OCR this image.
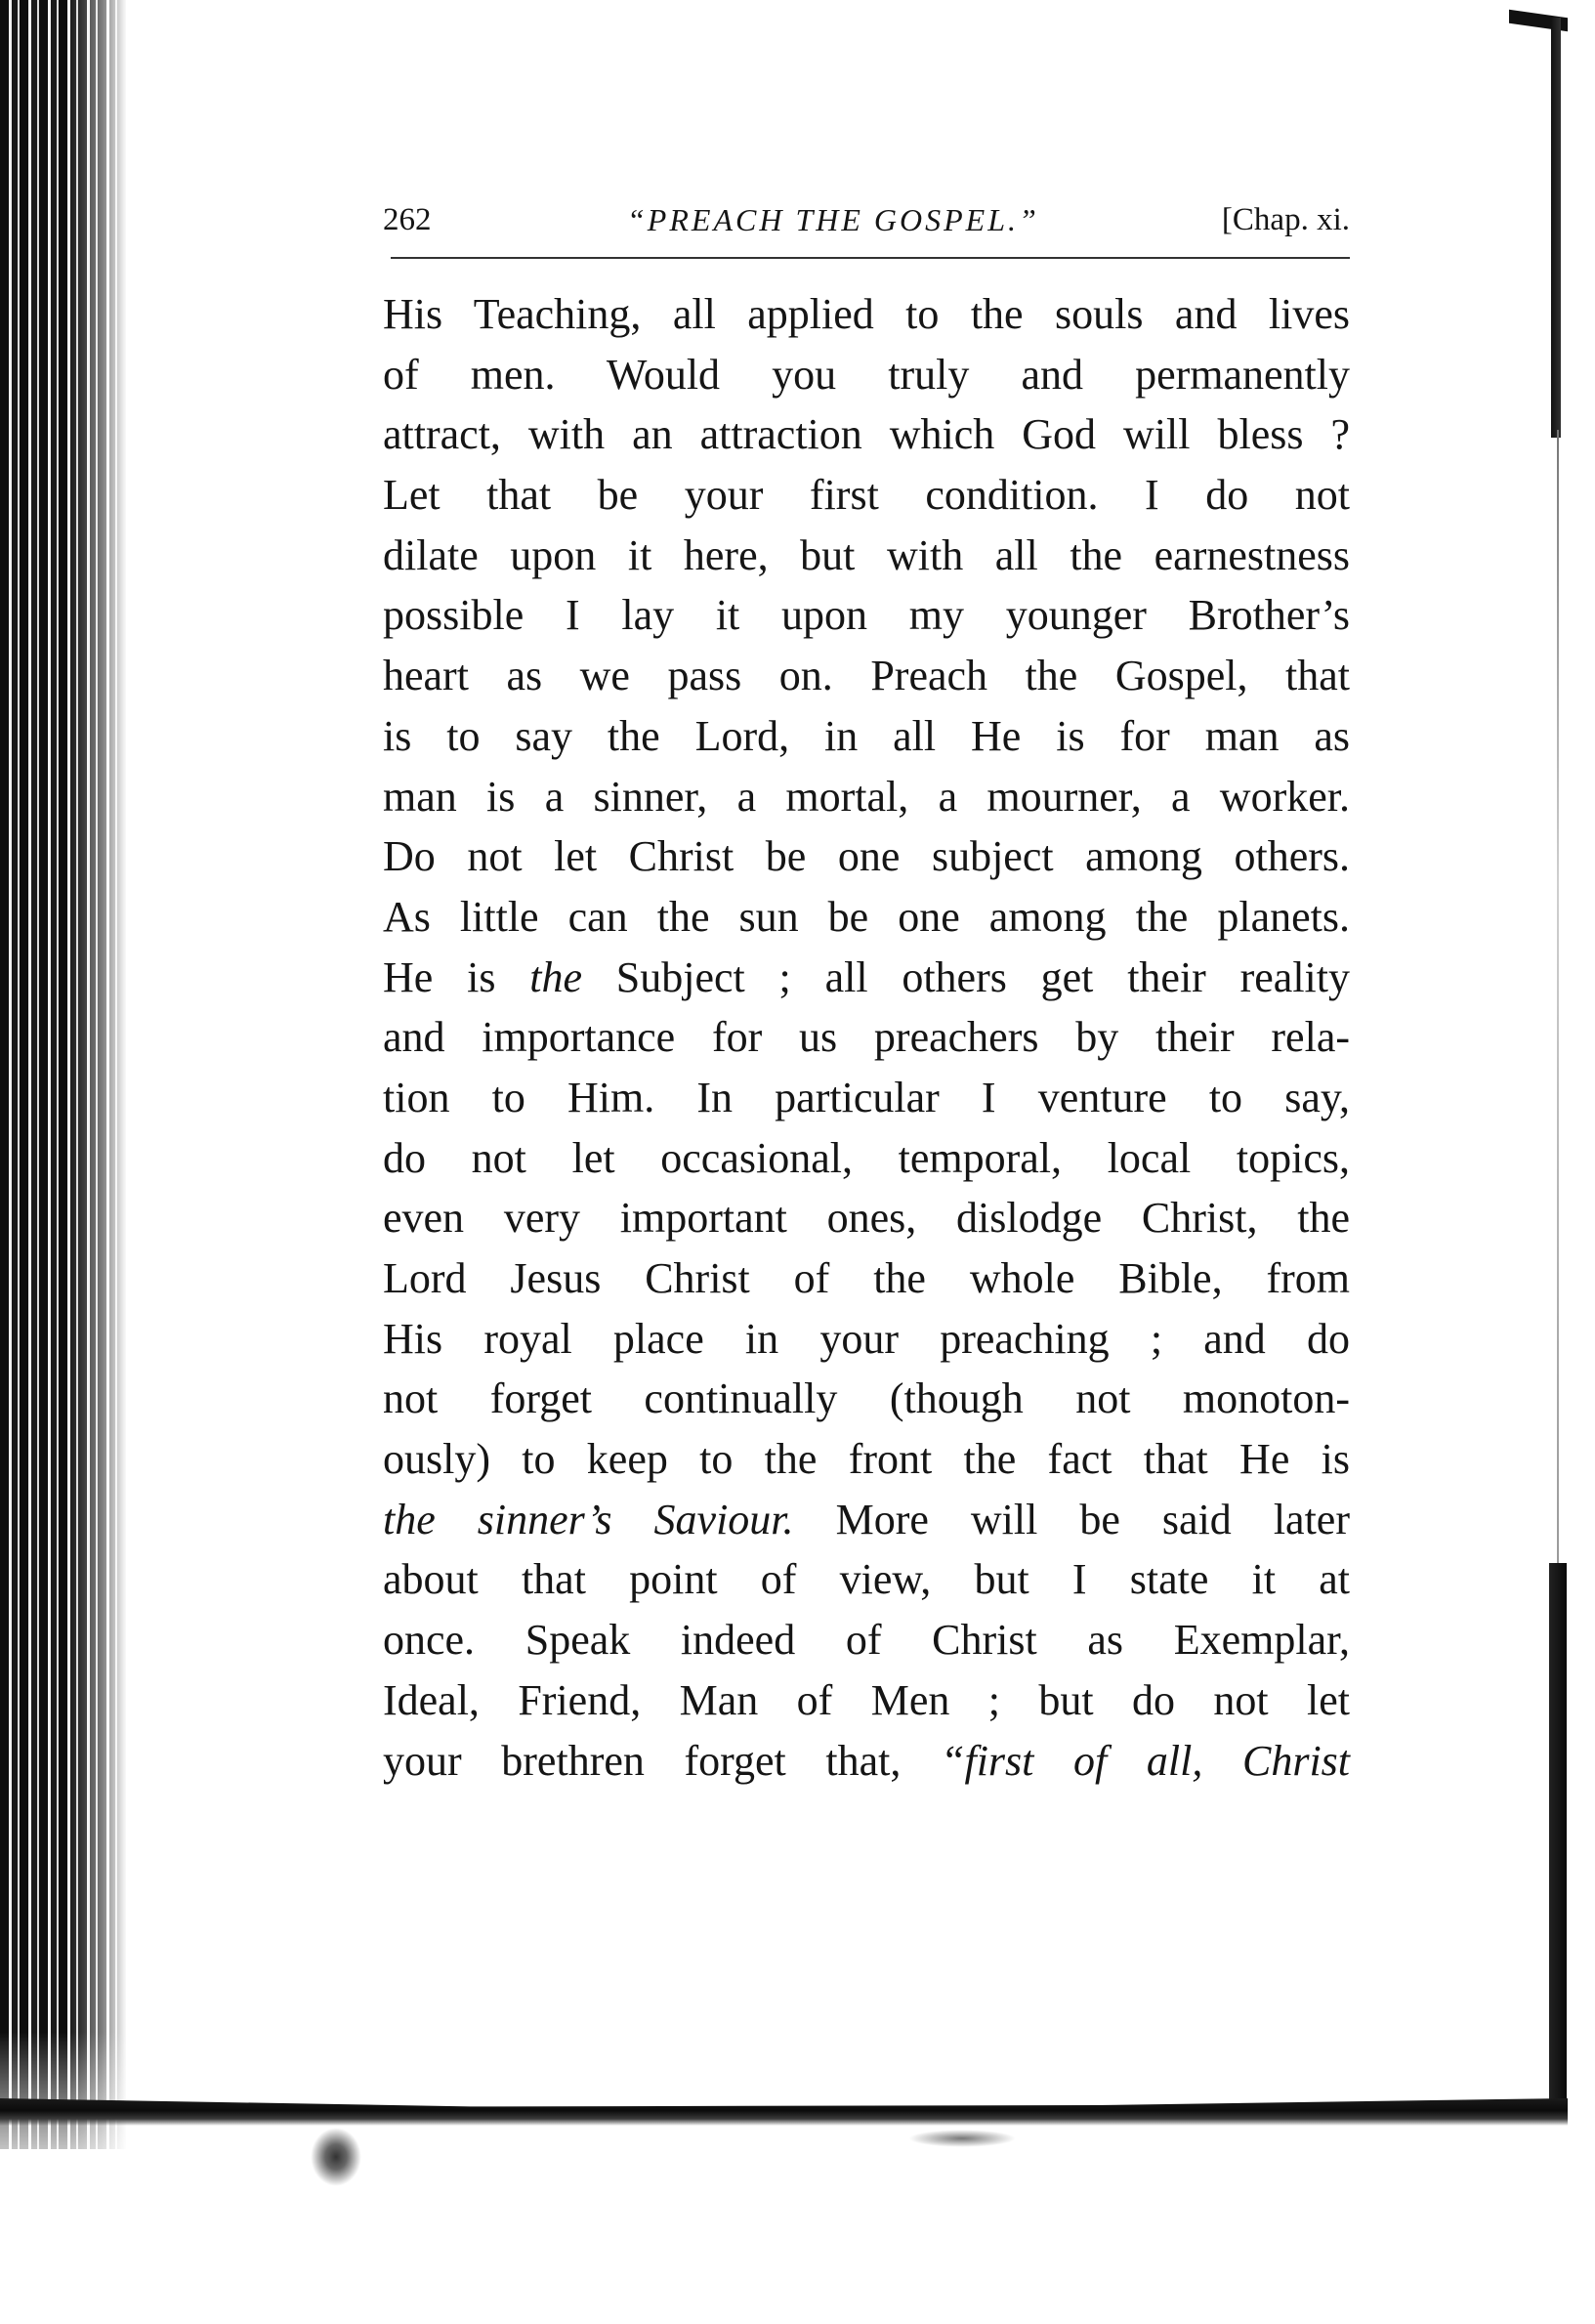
262	“PREACH THE GOSPEL.”	[Chap. xi.
His Teaching, all applied to the souls and lives
of men. Would you truly and permanently
attract, with an attraction which God will bless ?
Let that be your first condition. I do not
dilate upon it here, but with all the earnestness
possible I lay it upon my younger Brother’s
heart as we pass on. Preach the Gospel, that
is to say the Lord, in all He is for man as
man is a sinner, a mortal, a mourner, a worker.
Do not let Christ be one subject among others.
As little can the sun be one among the planets.
He is the Subject ; all others get their reality
and importance for us preachers by their rela-
tion to Him. In particular I venture to say,
do not let occasional, temporal, local topics,
even very important ones, dislodge Christ, the
Lord Jesus Christ of the whole Bible, from
His royal place in your preaching ; and do
not forget continually (though not monoton-
ously) to keep to the front the fact that He is
the sinner’s Saviour. More will be said later
about that point of view, but I state it at
once. Speak indeed of Christ as Exemplar,
Ideal, Friend, Man of Men ; but do not let
your brethren forget that, “first of all, Christ
